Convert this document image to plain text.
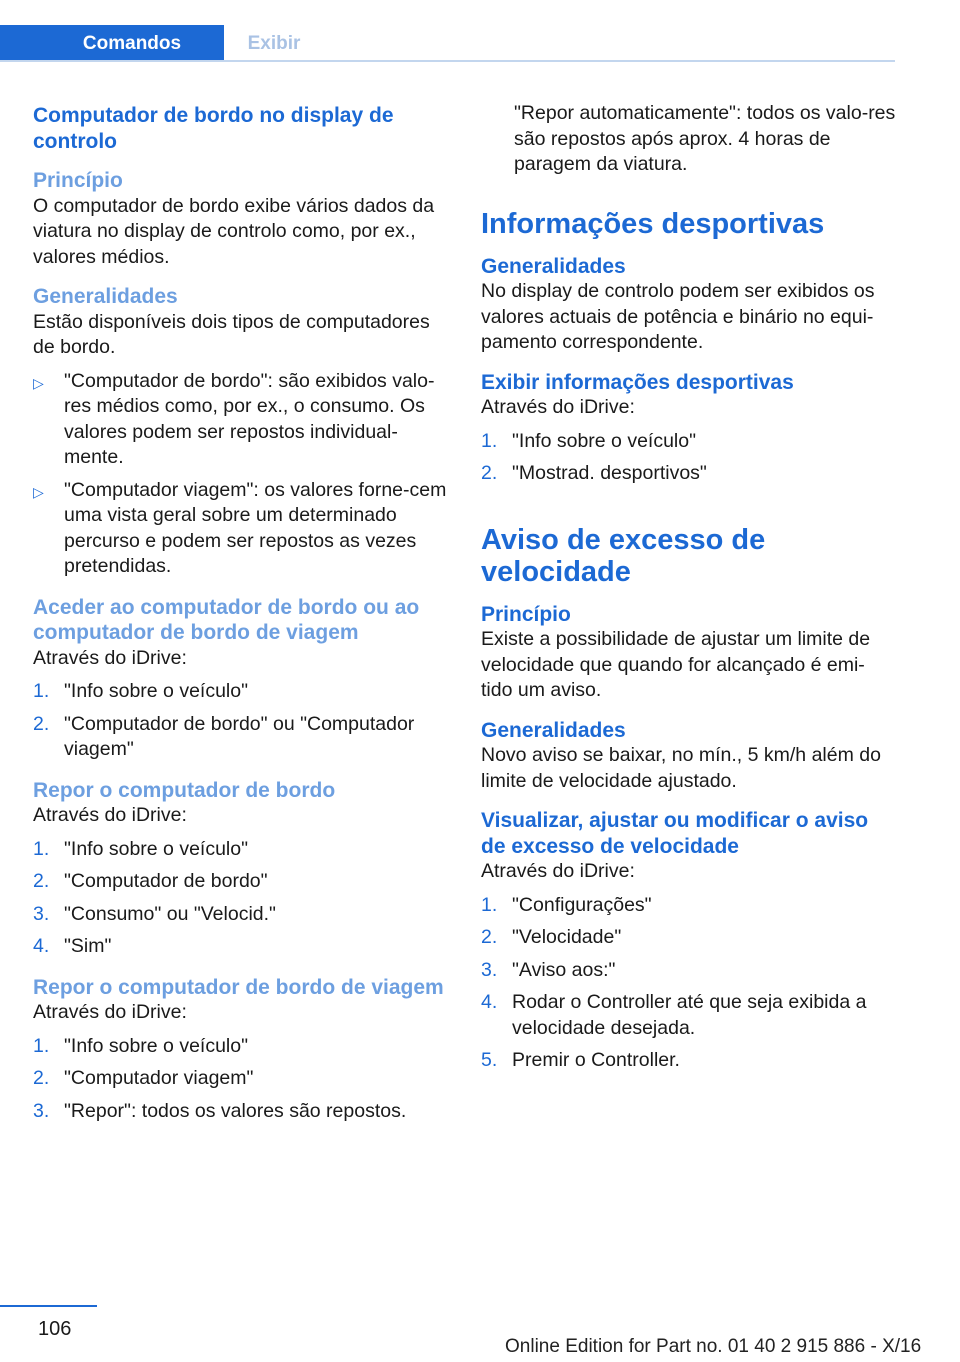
Comandos	Exibir

Computador de bordo no display de controlo

Princípio

O computador de bordo exibe vários dados da viatura no display de controlo como, por ex., valores médios.

Generalidades

Estão disponíveis dois tipos de computadores de bordo.

▷ "Computador de bordo": são exibidos valo‐res médios como, por ex., o consumo. Os valores podem ser repostos individual‐mente.
▷ "Computador viagem": os valores forne‐cem uma vista geral sobre um determinado percurso e podem ser repostos as vezes pretendidas.

Aceder ao computador de bordo ou ao computador de bordo de viagem

Através do iDrive:

1. "Info sobre o veículo"
2. "Computador de bordo" ou "Computador viagem"

Repor o computador de bordo

Através do iDrive:

1. "Info sobre o veículo"
2. "Computador de bordo"
3. "Consumo" ou "Velocid."
4. "Sim"

Repor o computador de bordo de viagem

Através do iDrive:

1. "Info sobre o veículo"
2. "Computador viagem"
3. "Repor": todos os valores são repostos.

"Repor automaticamente": todos os valo‐res são repostos após aprox. 4 horas de paragem da viatura.

Informações desportivas

Generalidades

No display de controlo podem ser exibidos os valores actuais de potência e binário no equi‐pamento correspondente.

Exibir informações desportivas

Através do iDrive:

1. "Info sobre o veículo"
2. "Mostrad. desportivos"

Aviso de excesso de velocidade

Princípio

Existe a possibilidade de ajustar um limite de velocidade que quando for alcançado é emi‐tido um aviso.

Generalidades

Novo aviso se baixar, no mín., 5 km/h além do limite de velocidade ajustado.

Visualizar, ajustar ou modificar o aviso de excesso de velocidade

Através do iDrive:

1. "Configurações"
2. "Velocidade"
3. "Aviso aos:"
4. Rodar o Controller até que seja exibida a velocidade desejada.
5. Premir o Controller.
106
Online Edition for Part no. 01 40 2 915 886 - X/16
